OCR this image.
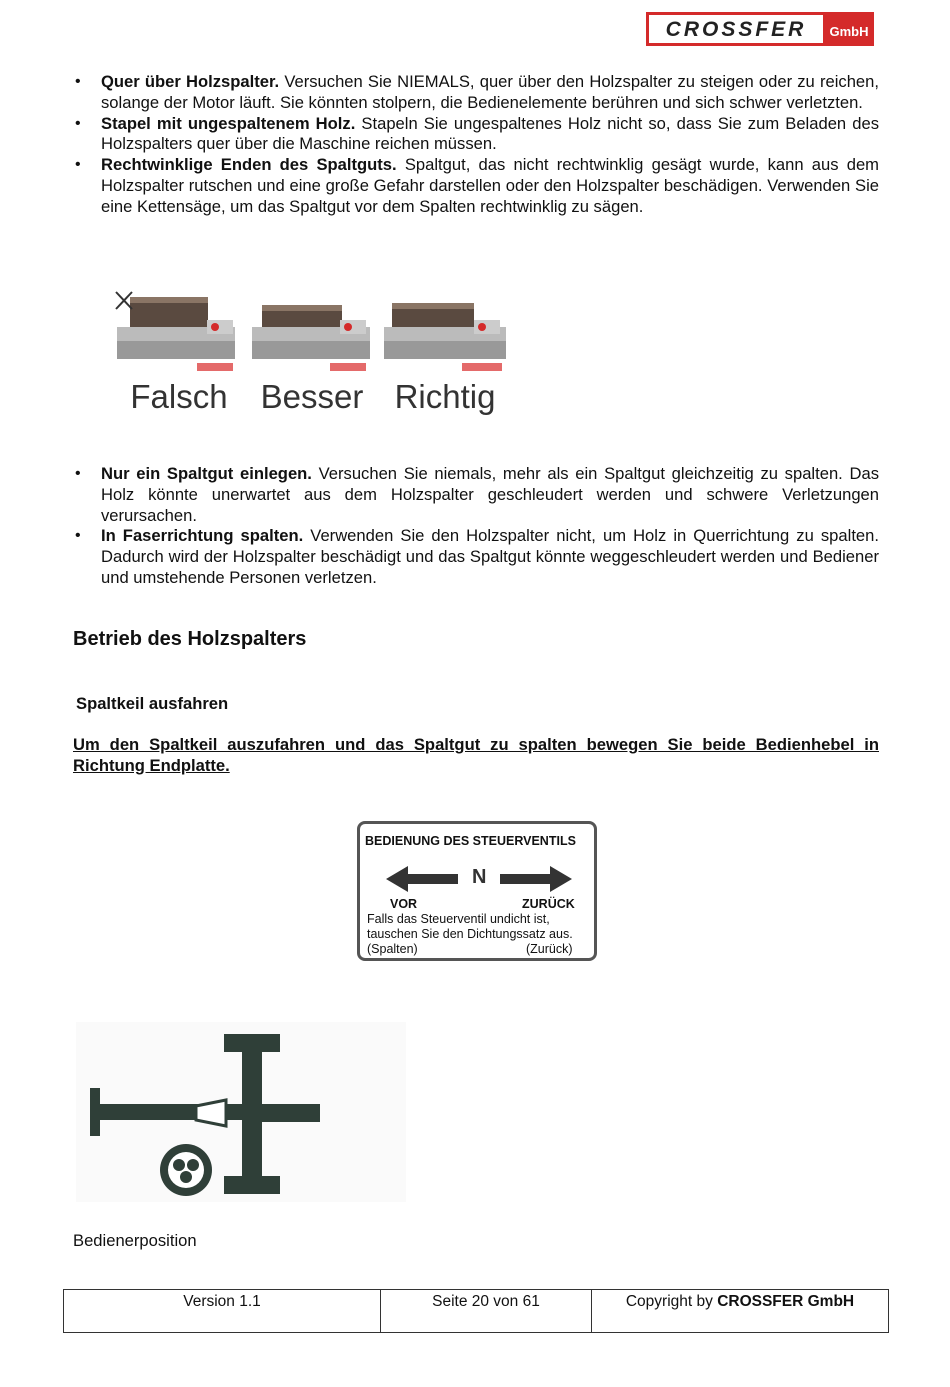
CROSSFER GmbH
• Quer über Holzspalter. Versuchen Sie NIEMALS, quer über den Holzspalter zu steigen oder zu reichen, solange der Motor läuft. Sie könnten stolpern, die Bedienelemente berühren und sich schwer verletzten.
• Stapel mit ungespaltenem Holz. Stapeln Sie ungespaltenes Holz nicht so, dass Sie zum Beladen des Holzspalters quer über die Maschine reichen müssen.
• Rechtwinklige Enden des Spaltguts. Spaltgut, das nicht rechtwinklig gesägt wurde, kann aus dem Holzspalter rutschen und eine große Gefahr darstellen oder den Holzspalter beschädigen. Verwenden Sie eine Kettensäge, um das Spaltgut vor dem Spalten rechtwinklig zu sägen.
Falsch Besser Richtig
• Nur ein Spaltgut einlegen. Versuchen Sie niemals, mehr als ein Spaltgut gleichzeitig zu spalten. Das Holz könnte unerwartet aus dem Holzspalter geschleudert werden und schwere Verletzungen verursachen.
• In Faserrichtung spalten. Verwenden Sie den Holzspalter nicht, um Holz in Querrichtung zu spalten. Dadurch wird der Holzspalter beschädigt und das Spaltgut könnte weggeschleudert werden und Bediener und umstehende Personen verletzen.
Betrieb des Holzspalters
Spaltkeil ausfahren

Um den Spaltkeil auszufahren und das Spaltgut zu spalten bewegen Sie beide Bedienhebel in Richtung Endplatte.

BEDIENUNG DES STEUERVENTILS
N
VOR	ZURÜCK
Falls das Steuerventil undicht ist,
tauschen Sie den Dichtungssatz aus.
(Spalten)	(Zurück)

Bedienerposition

Version 1.1	Seite 20 von 61	Copyright by CROSSFER GmbH
